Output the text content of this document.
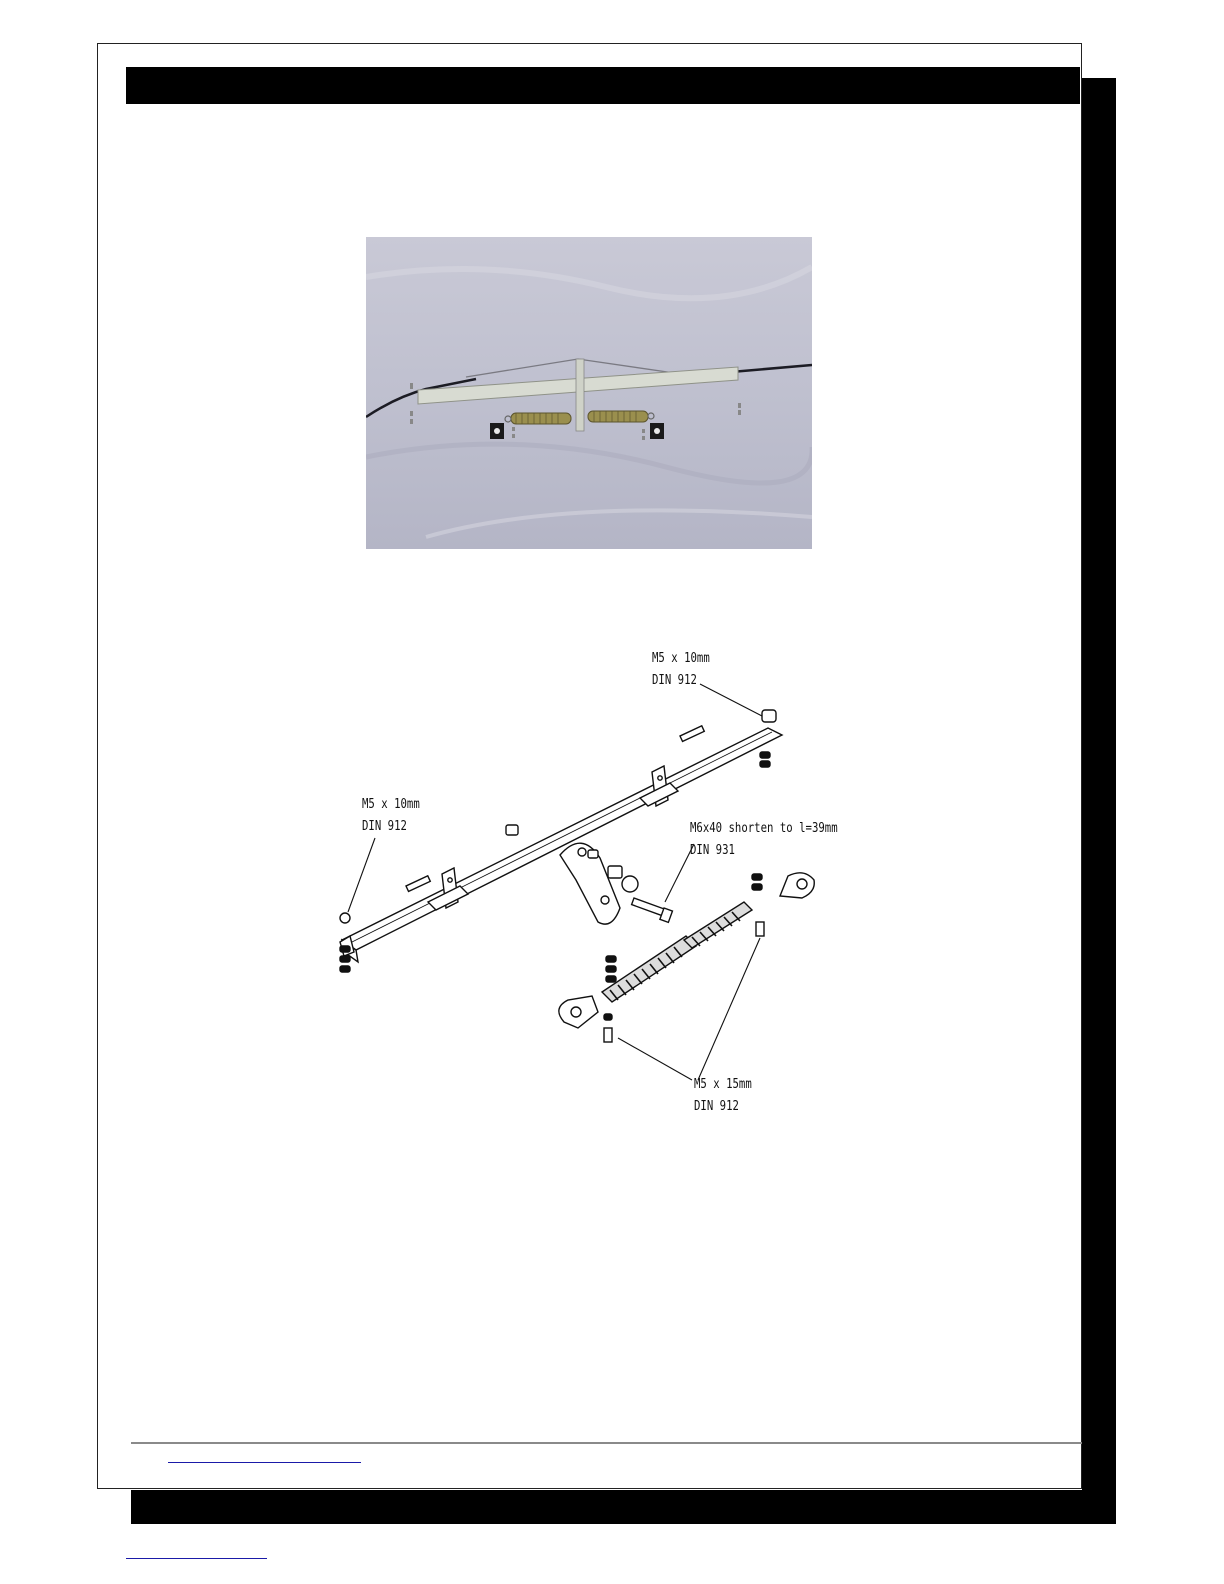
M5 x 10mm
DIN 912
M5 x 10mm
DIN 912	M6x40 shorten to l=39mm
DIN 931
M5 x 15mm
DIN 912
